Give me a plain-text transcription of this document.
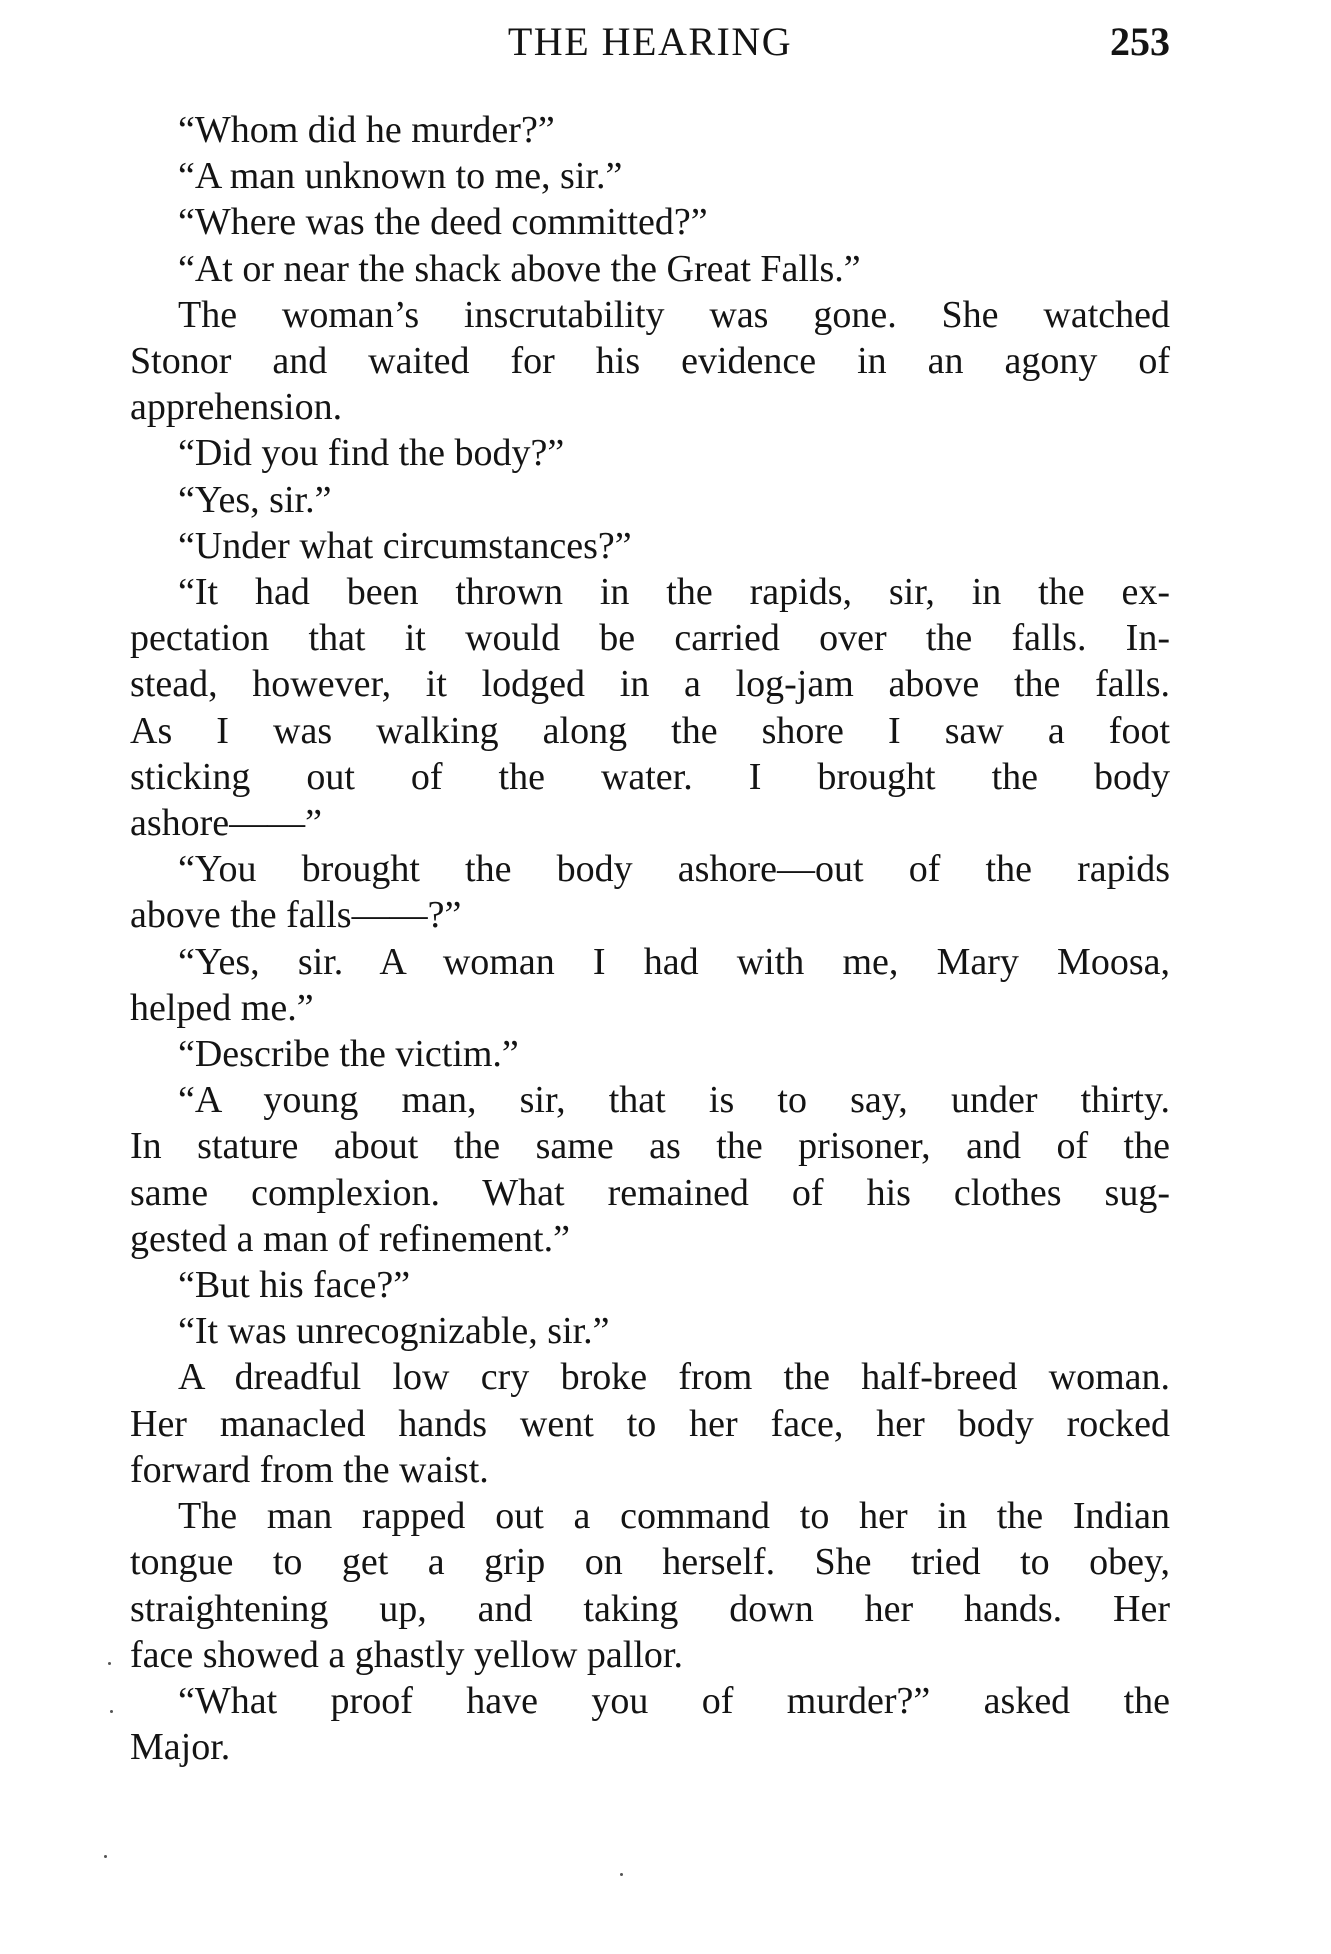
THE HEARING	253
“Whom did he murder?”
“A man unknown to me, sir.”
“Where was the deed committed?”
“At or near the shack above the Great Falls.”
The woman’s inscrutability was gone. She watched
Stonor and waited for his evidence in an agony of
apprehension.
“Did you find the body?”
“Yes, sir.”
“Under what circumstances?”
“It had been thrown in the rapids, sir, in the ex-
pectation that it would be carried over the falls. In-
stead, however, it lodged in a log-jam above the falls.
As I was walking along the shore I saw a foot
sticking out of the water. I brought the body
ashore——”
“You brought the body ashore—out of the rapids
above the falls——?”
“Yes, sir. A woman I had with me, Mary Moosa,
helped me.”
“Describe the victim.”
“A young man, sir, that is to say, under thirty.
In stature about the same as the prisoner, and of the
same complexion. What remained of his clothes sug-
gested a man of refinement.”
“But his face?”
“It was unrecognizable, sir.”
A dreadful low cry broke from the half-breed woman.
Her manacled hands went to her face, her body rocked
forward from the waist.
The man rapped out a command to her in the Indian
tongue to get a grip on herself. She tried to obey,
straightening up, and taking down her hands. Her
face showed a ghastly yellow pallor.
“What proof have you of murder?” asked the
Major.
